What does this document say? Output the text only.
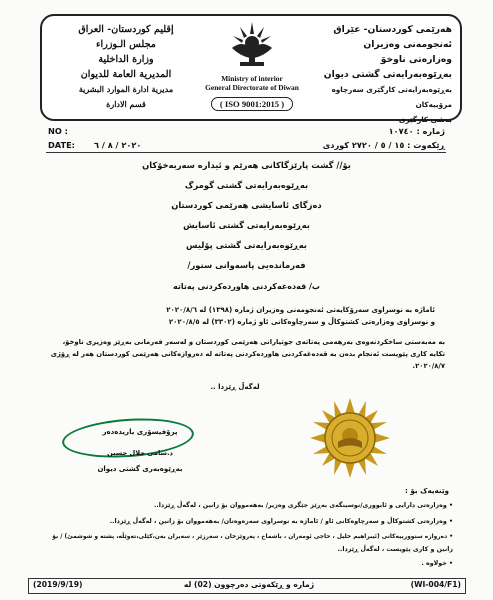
إقليم كوردستان- العراق
مجلس الـوزراء
وزارة الداخلية
المديرية العامة للديوان
مديرية ادارة الموارد البشرية
قسم الادارة
Ministry of interior
General Directorate of Diwan
( ISO 9001:2015 )
هەرێمی کوردستان- عێراق
ئەنجومەنی وەزیران
وەزارەتی ناوخۆ
بەڕێوەبەرایەتی گشتی دیوان
بەڕێوەبەرایەتی کارگێری سەرچاوە مرۆییەکان
بەشی کارگێری
NO :	ژمارە : ١٠٧٤٠
DATE: ٢٠٢٠ / ٨ / ٦	ڕێکەوت : ١٥ / ٥ / ٢٧٢٠ کوردی
بۆ// گشت پارێزگاکانی هەرێم و ئیدارە سەربەخۆکان
بەڕێوەبەرایەتی گشتی گومرگ
دەزگای ئاسایشی هەرێمی کوردستان
بەڕێوەبەرایەتی گشتی ئاسایش
بەڕێوەبەرایەتی گشتی پۆلیس
فەرماندەیی پاسەوانی سنور/
ب/ قەدەغەکردنی هاوردەکردنی پەتاتە
ئاماژە بە نوسراوی سەرۆکایەتی ئەنجومەنی وەزیران ژمارە (١٣٩٨) لە ٢٠٢٠/٨/٦
و نوسراوی وەزارەتی کشتوکاڵ و سەرچاوەکانی ئاو ژمارە (٣٣٠٢) لە ٢٠٢٠/٨/٥
بە مەبەستی ساخکردنەوەی بەرهەمی پەتاتەی جوتیارانی هەرێمی کوردستان و لەسەر فەرمانی بەڕێز وەزیری ناوخۆ،
تکایە کاری پێویست ئەنجام بدەن بە قەدەغەکردنی هاوردەکردنی پەتاتە لە دەروازەکانی هەرێمی کوردستان هەر لە ڕۆژی
٢٠٢٠/٨/٧.
لەگەڵ ڕێزدا ..
پرۆفیسۆری یاریدەدەر
د.سامی جلال حسین
بەڕێوەبەری گشتی دیوان
وێنەیەک بۆ :
• وەزارەتی دارایی و ئابووری/نوسینگەی بەڕێز جێگری وەزیر/ بەهەمووان بۆ زانین ، لەگەڵ ڕێزدا..
• وەزارەتی کشتوکاڵ و سەرچاوەکانی ئاو / ئاماژە بە نوسراوی سەرەوەتان/ بەهەمووان بۆ زانین ، لەگەڵ ڕێزدا..
• دەروازە سنوورییەکانی (ئیبراهیم خلیل ، حاجی ئومەران ، باشماخ ، پەروێزخان ، سەرزێر ، سەیران بەن،کێلی،تەوێڵە، پشتە و شوشمێ) / بۆ
زانین و کاری پێویست ، لەگەڵ ڕێزدا..
• خولاوە .
(2019/9/19)	ژمارە و ڕێکەوتی دەرچوون (02) لە	(WI-004/F1)
